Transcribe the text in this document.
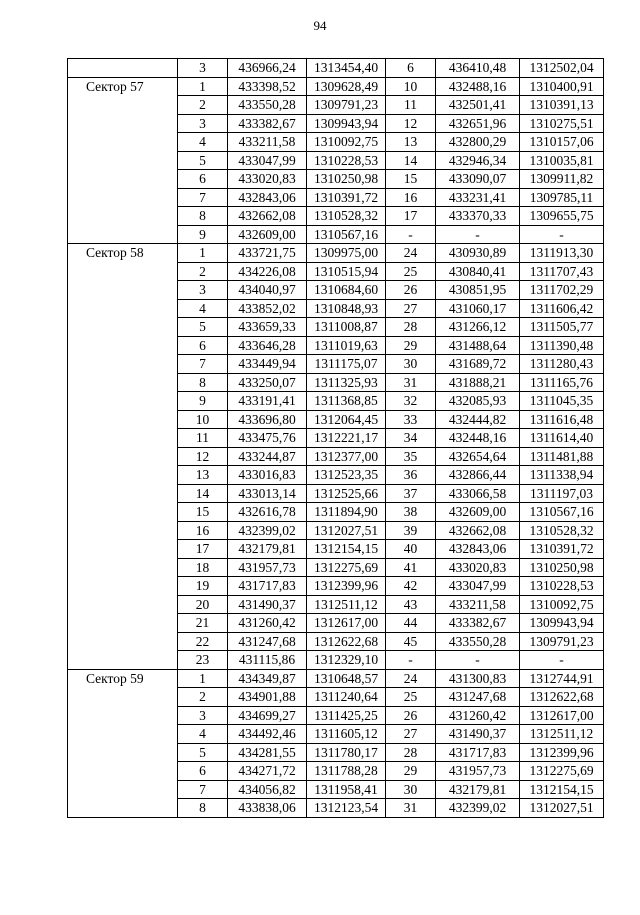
94
	3	436966,24	1313454,40	6	436410,48	1312502,04
Сектор 57	1	433398,52	1309628,49	10	432488,16	1310400,91
	2	433550,28	1309791,23	11	432501,41	1310391,13
	3	433382,67	1309943,94	12	432651,96	1310275,51
	4	433211,58	1310092,75	13	432800,29	1310157,06
	5	433047,99	1310228,53	14	432946,34	1310035,81
	6	433020,83	1310250,98	15	433090,07	1309911,82
	7	432843,06	1310391,72	16	433231,41	1309785,11
	8	432662,08	1310528,32	17	433370,33	1309655,75
	9	432609,00	1310567,16	-	-	-
Сектор 58	1	433721,75	1309975,00	24	430930,89	1311913,30
	2	434226,08	1310515,94	25	430840,41	1311707,43
	3	434040,97	1310684,60	26	430851,95	1311702,29
	4	433852,02	1310848,93	27	431060,17	1311606,42
	5	433659,33	1311008,87	28	431266,12	1311505,77
	6	433646,28	1311019,63	29	431488,64	1311390,48
	7	433449,94	1311175,07	30	431689,72	1311280,43
	8	433250,07	1311325,93	31	431888,21	1311165,76
	9	433191,41	1311368,85	32	432085,93	1311045,35
	10	433696,80	1312064,45	33	432444,82	1311616,48
	11	433475,76	1312221,17	34	432448,16	1311614,40
	12	433244,87	1312377,00	35	432654,64	1311481,88
	13	433016,83	1312523,35	36	432866,44	1311338,94
	14	433013,14	1312525,66	37	433066,58	1311197,03
	15	432616,78	1311894,90	38	432609,00	1310567,16
	16	432399,02	1312027,51	39	432662,08	1310528,32
	17	432179,81	1312154,15	40	432843,06	1310391,72
	18	431957,73	1312275,69	41	433020,83	1310250,98
	19	431717,83	1312399,96	42	433047,99	1310228,53
	20	431490,37	1312511,12	43	433211,58	1310092,75
	21	431260,42	1312617,00	44	433382,67	1309943,94
	22	431247,68	1312622,68	45	433550,28	1309791,23
	23	431115,86	1312329,10	-	-	-
Сектор 59	1	434349,87	1310648,57	24	431300,83	1312744,91
	2	434901,88	1311240,64	25	431247,68	1312622,68
	3	434699,27	1311425,25	26	431260,42	1312617,00
	4	434492,46	1311605,12	27	431490,37	1312511,12
	5	434281,55	1311780,17	28	431717,83	1312399,96
	6	434271,72	1311788,28	29	431957,73	1312275,69
	7	434056,82	1311958,41	30	432179,81	1312154,15
	8	433838,06	1312123,54	31	432399,02	1312027,51
